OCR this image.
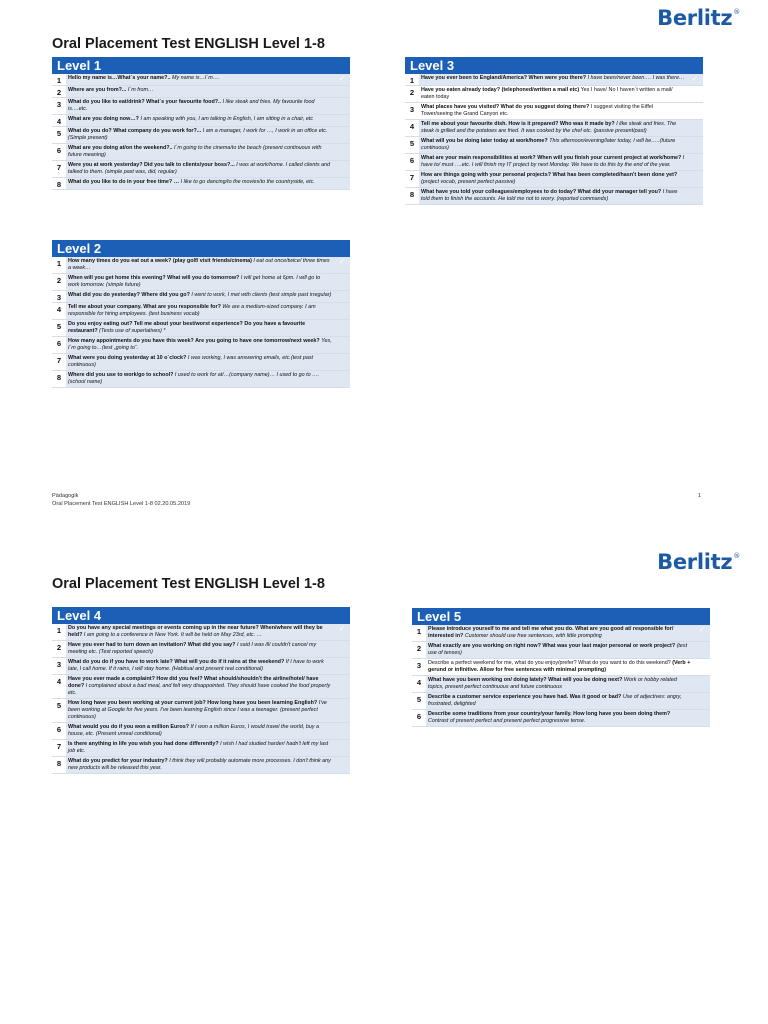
Berlitz®
Oral Placement Test ENGLISH Level 1-8
Level 1
1	Hello my name is…What´s your name?.. My name is…I´m….	✓
2	Where are you from?... I´m from…
3	What do you like to eat/drink? What´s your favourite food?.. I like steak and fries. My favourite food is….etc.
4	What are you doing now…? I am speaking with you, I am talking in English, I am sitting in a chair, etc
5	What do you do? What company do you work for?... I am a manager, I work for …, I work in an office etc.(Simple present)
6	What are you doing at/on the weekend?.. I´m going to the cinema/to the beach (present continuous with future meaning)
7	Were you at work yesterday? Did you talk to clients/your boss?... I was at work/home. I called clients and talked to them. (simple past was, did, regular)
8	What do you like to do in your free time? … I like to go dancing/to the movies/to the countryside, etc.
Level 2
1	How many times do you eat out a week? (play golf/ visit friends/cinema) I eat out once/twice/ three times a week…
✓
2	When will you get home this evening? What will you do tomorrow? I will get home at 6pm. I will go to work tomorrow. (simple future)
3	What did you do yesterday? Where did you go? I went to work, I met with clients (test simple past irregular)
4	Tell me about your company. What are you responsible for? We are a medium-sized company. I am responsible for hiring employees. (test business vocab)
5	Do you enjoy eating out? Tell me about your best/worst experience? Do you have a favourite restaurant? (Tests use of superlatives) *
6	How many appointments do you have this week? Are you going to have one tomorrow/next week? Yes, I´m going to…(test „going to“.
7	What were you doing yesterday at 10 o´clock? I was working, I was answering emails, etc.(test past continuous)
8	Where did you use to work/go to school? I used to work for at/…(company name)… I used to go to ….(school name)
Level 3
1	Have you ever been to England/America? When were you there? I have been/never been…. I was there… ✓
2	Have you eaten already today? (telephoned/written a mail etc) Yes I have/ No I haven´t written a mail/ eaten today
3	What places have you visited? What do you suggest doing there? I suggest visiting the Eiffel Tower/seeing the Grand Canyon etc.
4	Tell me about your favourite dish. How is it prepared? Who was it made by? I like steak and fries. The steak is grilled and the potatoes are fried. It was cooked by the chef etc. (passive present/past)
5	What will you be doing later today at work/home? This afternoon/evening/later today, I will be…..(future continuous)
6	What are your main responsibilities at work? When will you finish your current project at work/home? I have to/ must ….etc. I will finish my IT project by next Monday. We have to do this by the end of the year.
7	How are things going with your personal projects? What has been completed/hasn't been done yet? (project vocab, present perfect passive)
8	What have you told your colleagues/employees to do today? What did your manager tell you? I have told them to finish the accounts. He told me not to worry. (reported commands)
Pädagogik
Oral Placement Test ENGLISH Level 1-8 02.20.05.2019
1
Berlitz®
Oral Placement Test ENGLISH Level 1-8
Level 4
1	Do you have any special meetings or events coming up in the near future? When/where will they be held? I am going to a conference in New York. It will be held on May 23rd, etc. …
✓
2	Have you ever had to turn down an invitation? What did you say? I said I was ill/ couldn't cancel my meeting etc. (Test reported speech)
3	What do you do if you have to work late? What will you do if it rains at the weekend? If I have to work late, I call home. If it rains, I will stay home. (Habitual and present real conditional)
4	Have you ever made a complaint? How did you feel? What should/shouldn't the airline/hotel/ have done? I complained about a bad meal, and felt very disappointed. They should have cooked the food properly etc.
5	How long have you been working at your current job? How long have you been learning English? I've been working at Google for five years. I've been learning English since I was a teenager. (present perfect continuous)
6	What would you do if you won a million Euros? If I won a million Euros, I would travel the world, buy a house, etc. (Present unreal conditional)
7	Is there anything in life you wish you had done differently? I wish I had studied harder/ hadn't left my last job etc.
8	What do you predict for your industry? I think they will probably automate more processes. I don't think any new products will be released this year.
Level 5
1	Please introduce yourself to me and tell me what you do. What are you good at/ responsible for/ interested in? Customer should use free sentences, with little prompting
✓
2	What exactly are you working on right now? What was your last major personal or work project? (test use of tenses)
3	Describe a perfect weekend for me, what do you enjoy/prefer? What do you want to do this weekend? (Verb + gerund or infinitive. Allow for free sentences with minimal prompting)
4	What have you been working on/ doing lately? What will you be doing next? Work or hobby related topics, present perfect continuous and future continuous
5	Describe a customer service experience you have had. Was it good or bad? Use of adjectives: angry, frustrated, delighted
6	Describe some traditions from your country/your family. How long have you been doing them? Contrast of present perfect and present perfect progressive tense.
